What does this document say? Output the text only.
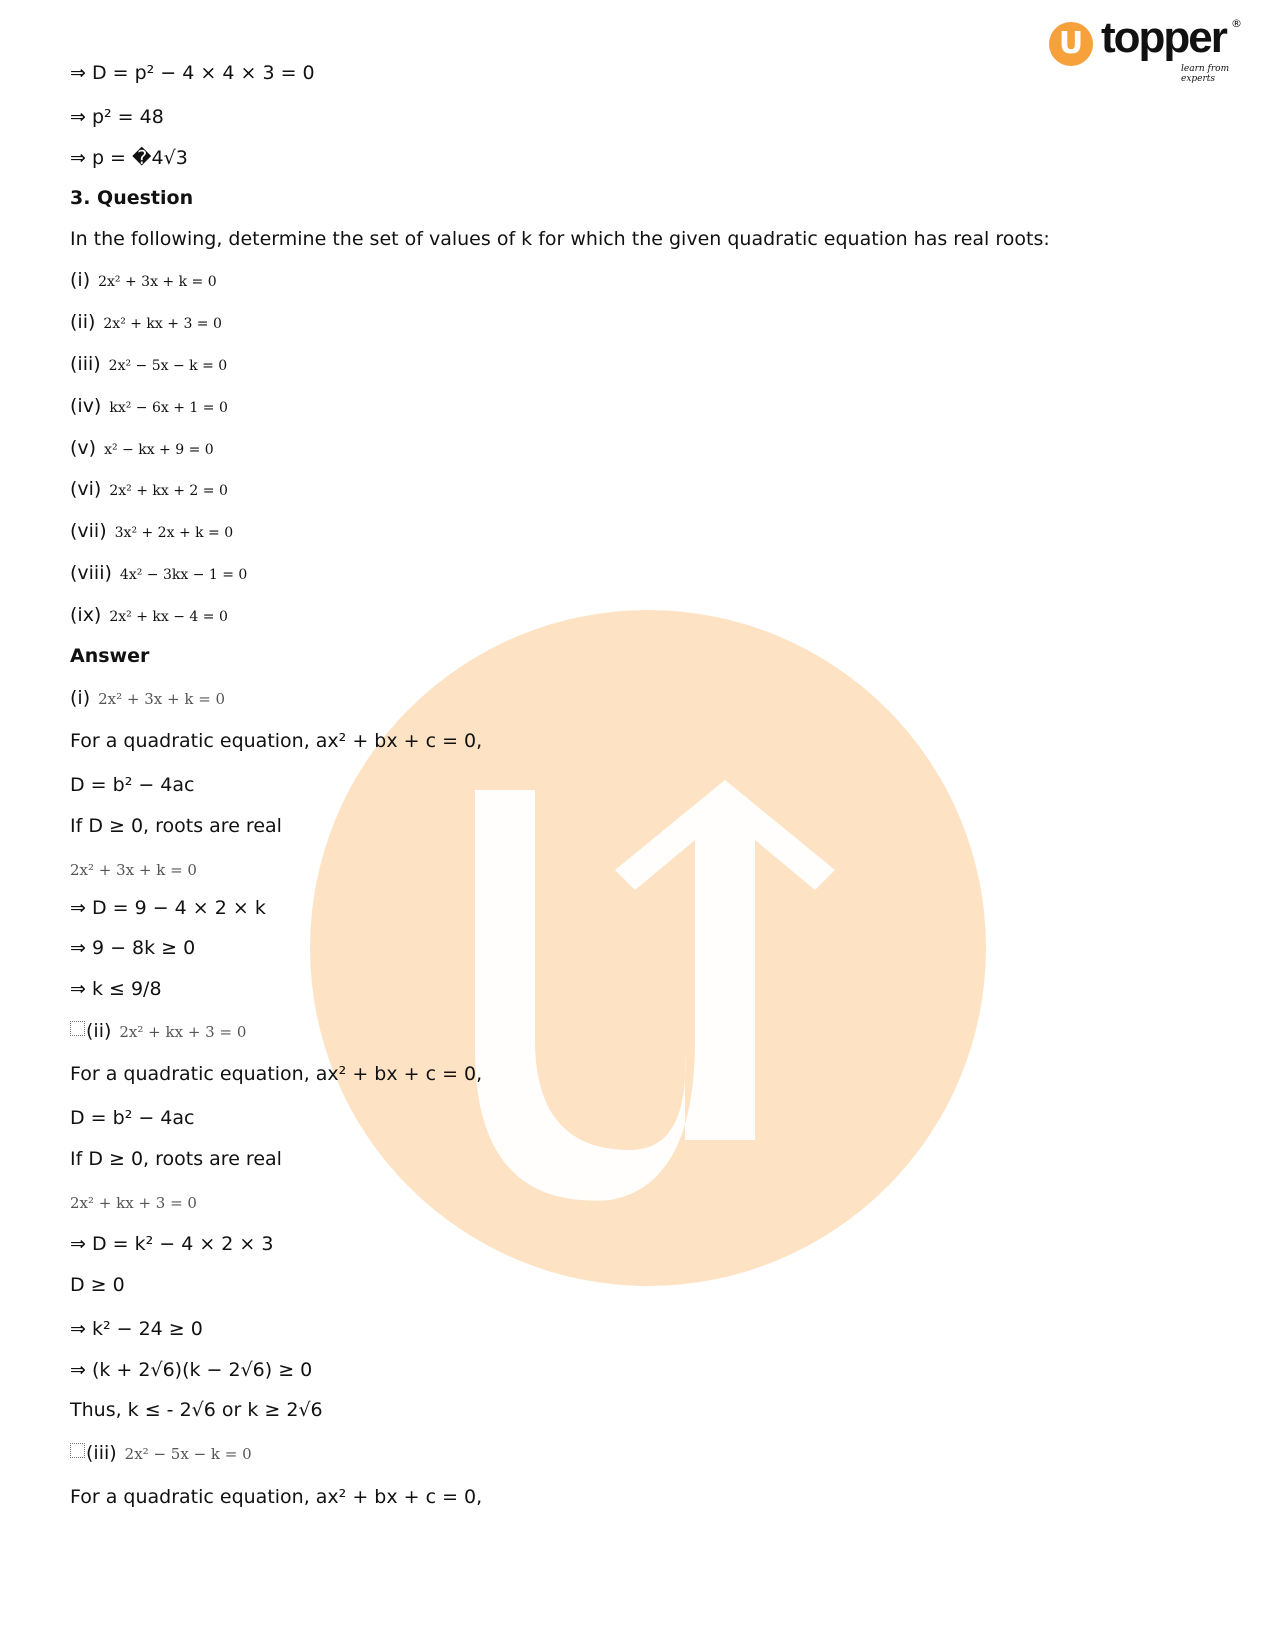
U topper ®
learn from experts
⇒ D = p² − 4 × 4 × 3 = 0
⇒ p² = 48
⇒ p = �4√3
3. Question
In the following, determine the set of values of k for which the given quadratic equation has real roots:
(i) 2x² + 3x + k = 0
(ii) 2x² + kx + 3 = 0
(iii) 2x² − 5x − k = 0
(iv) kx² − 6x + 1 = 0
(v) x² − kx + 9 = 0
(vi) 2x² + kx + 2 = 0
(vii) 3x² + 2x + k = 0
(viii) 4x² − 3kx − 1 = 0
(ix) 2x² + kx − 4 = 0
Answer
(i) 2x² + 3x + k = 0
For a quadratic equation, ax² + bx + c = 0,
D = b² − 4ac
If D ≥ 0, roots are real
2x² + 3x + k = 0
⇒ D = 9 − 4 × 2 × k
⇒ 9 − 8k ≥ 0
⇒ k ≤ 9/8
(ii) 2x² + kx + 3 = 0
For a quadratic equation, ax² + bx + c = 0,
D = b² − 4ac
If D ≥ 0, roots are real
2x² + kx + 3 = 0
⇒ D = k² − 4 × 2 × 3
D ≥ 0
⇒ k² − 24 ≥ 0
⇒ (k + 2√6)(k − 2√6) ≥ 0
Thus, k ≤ - 2√6 or k ≥ 2√6
(iii) 2x² − 5x − k = 0
For a quadratic equation, ax² + bx + c = 0,
